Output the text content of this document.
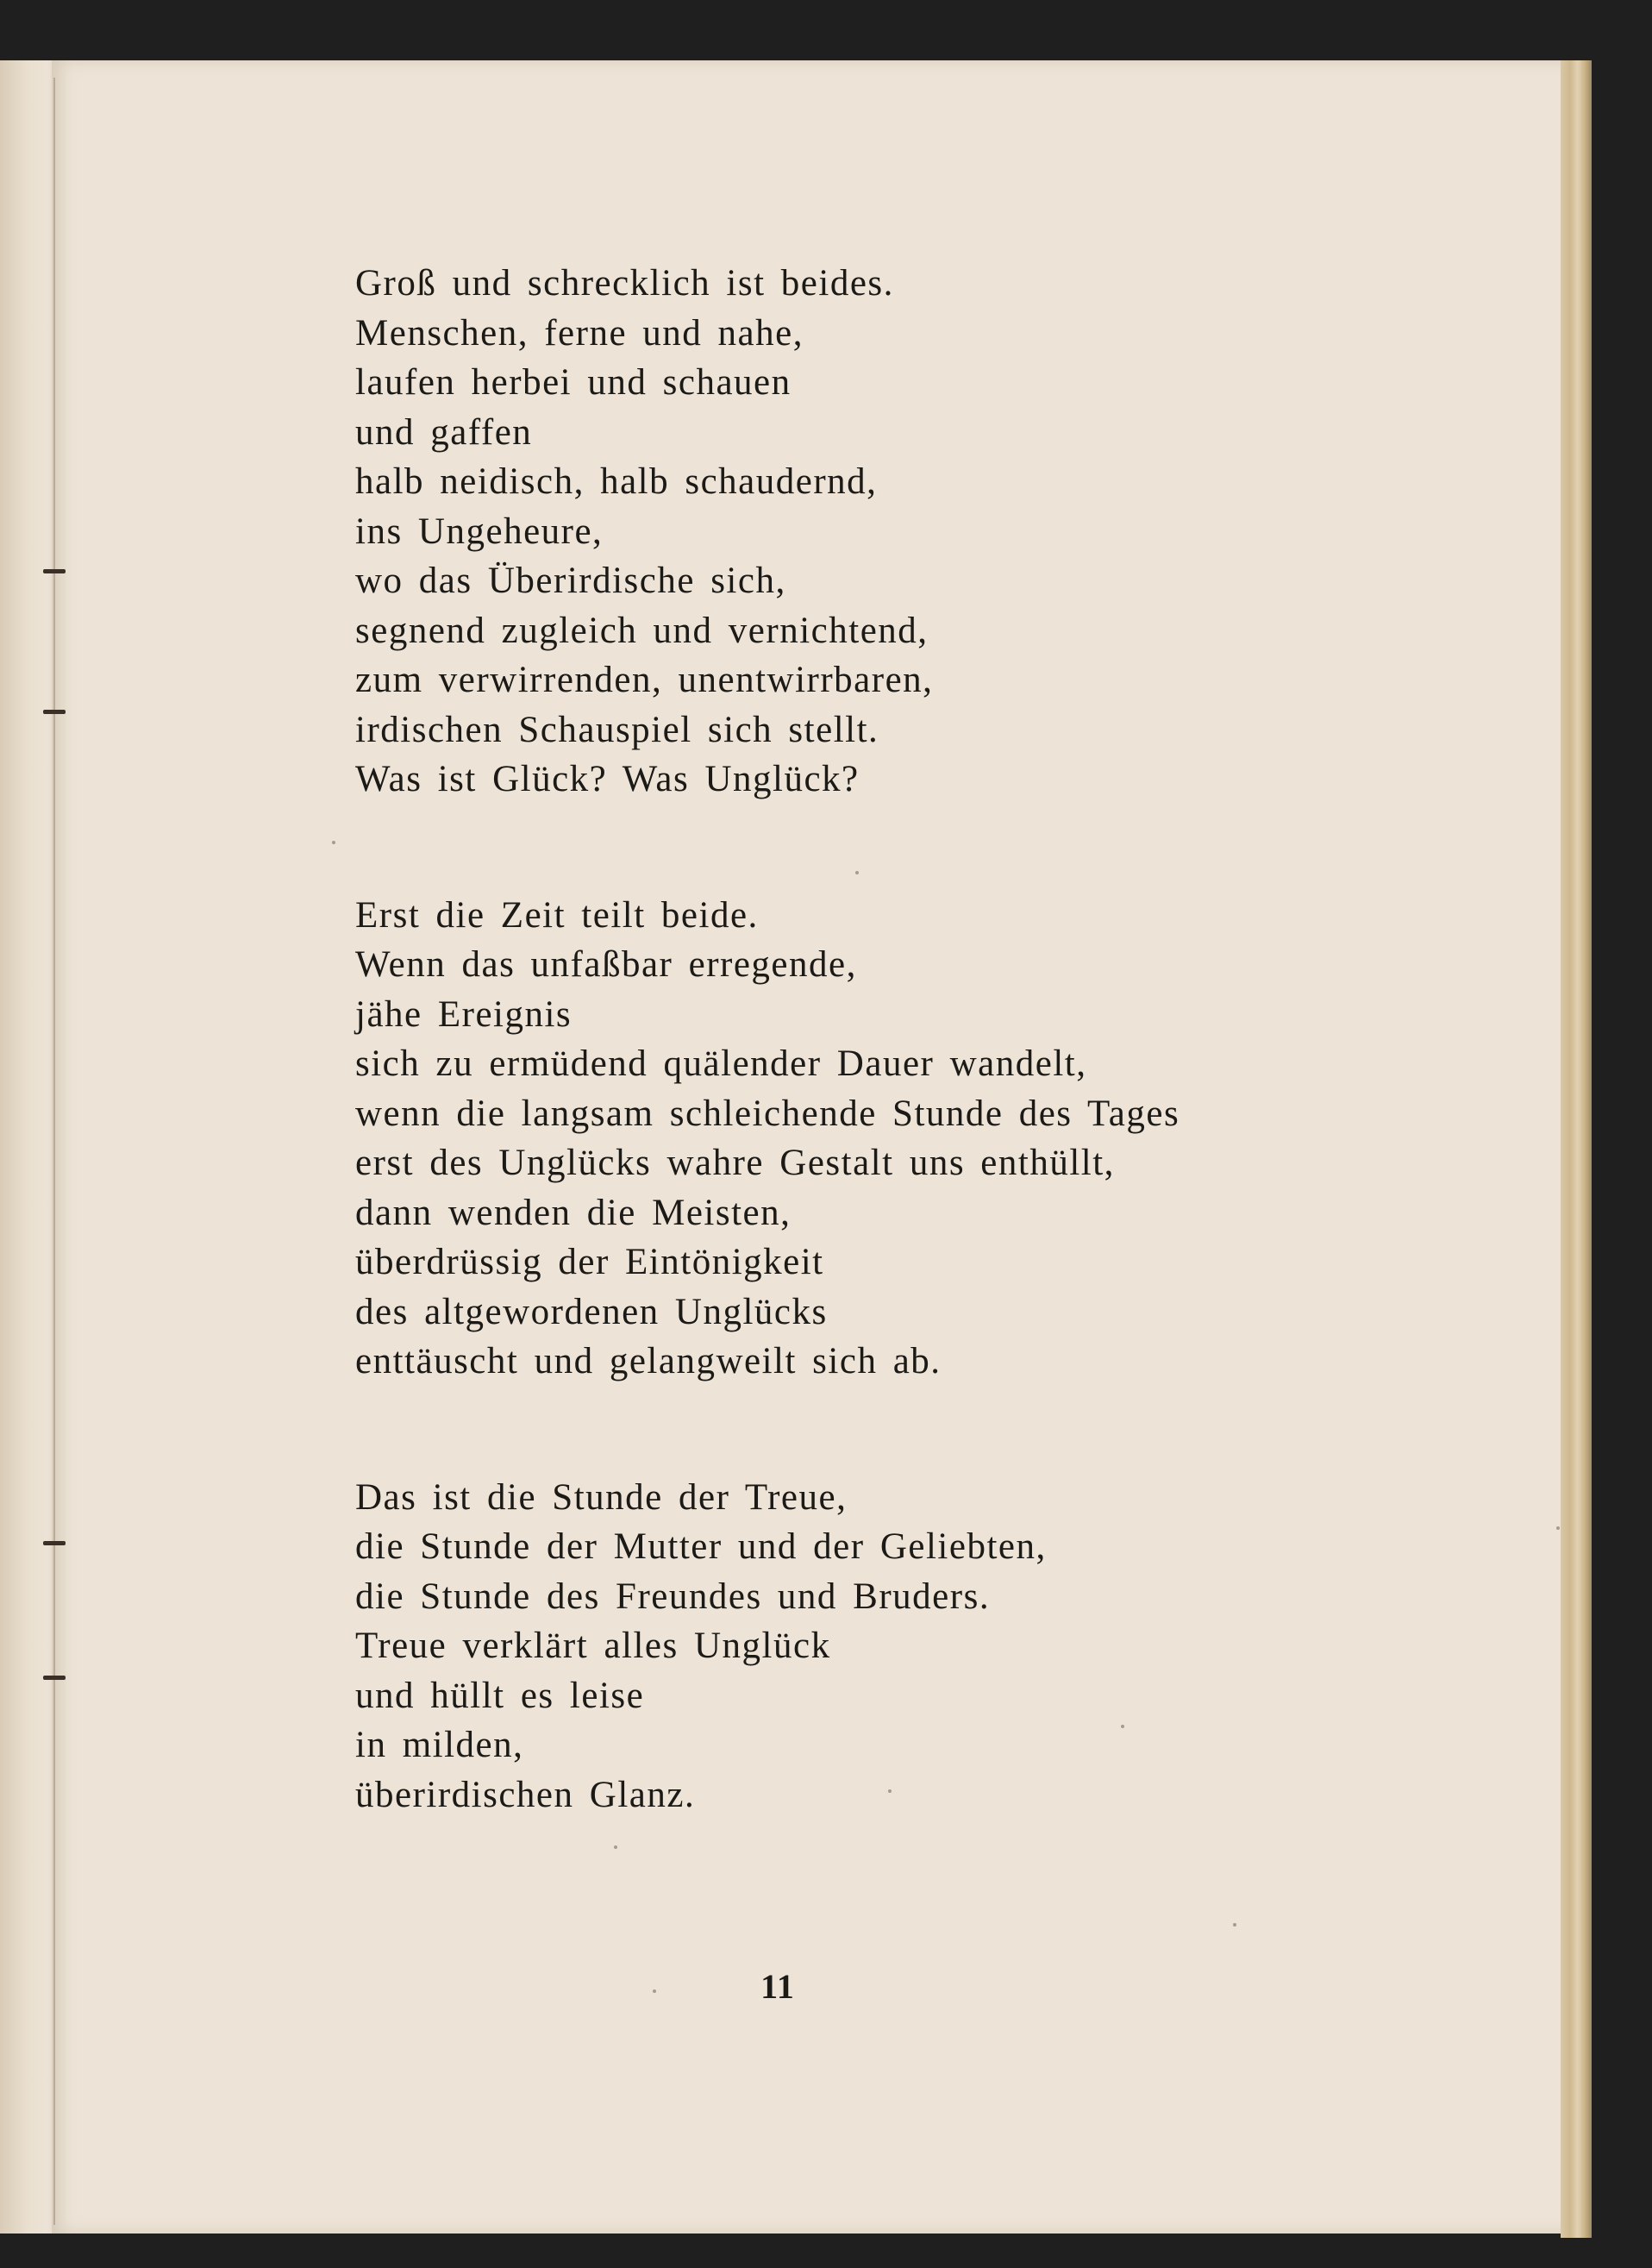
Groß und schrecklich ist beides.
Menschen, ferne und nahe,
laufen herbei und schauen
und gaffen
halb neidisch, halb schaudernd,
ins Ungeheure,
wo das Überirdische sich,
segnend zugleich und vernichtend,
zum verwirrenden, unentwirrbaren,
irdischen Schauspiel sich stellt.
Was ist Glück? Was Unglück?
Erst die Zeit teilt beide.
Wenn das unfaßbar erregende,
jähe Ereignis
sich zu ermüdend quälender Dauer wandelt,
wenn die langsam schleichende Stunde des Tages
erst des Unglücks wahre Gestalt uns enthüllt,
dann wenden die Meisten,
überdrüssig der Eintönigkeit
des altgewordenen Unglücks
enttäuscht und gelangweilt sich ab.
Das ist die Stunde der Treue,
die Stunde der Mutter und der Geliebten,
die Stunde des Freundes und Bruders.
Treue verklärt alles Unglück
und hüllt es leise
in milden,
überirdischen Glanz.
11
